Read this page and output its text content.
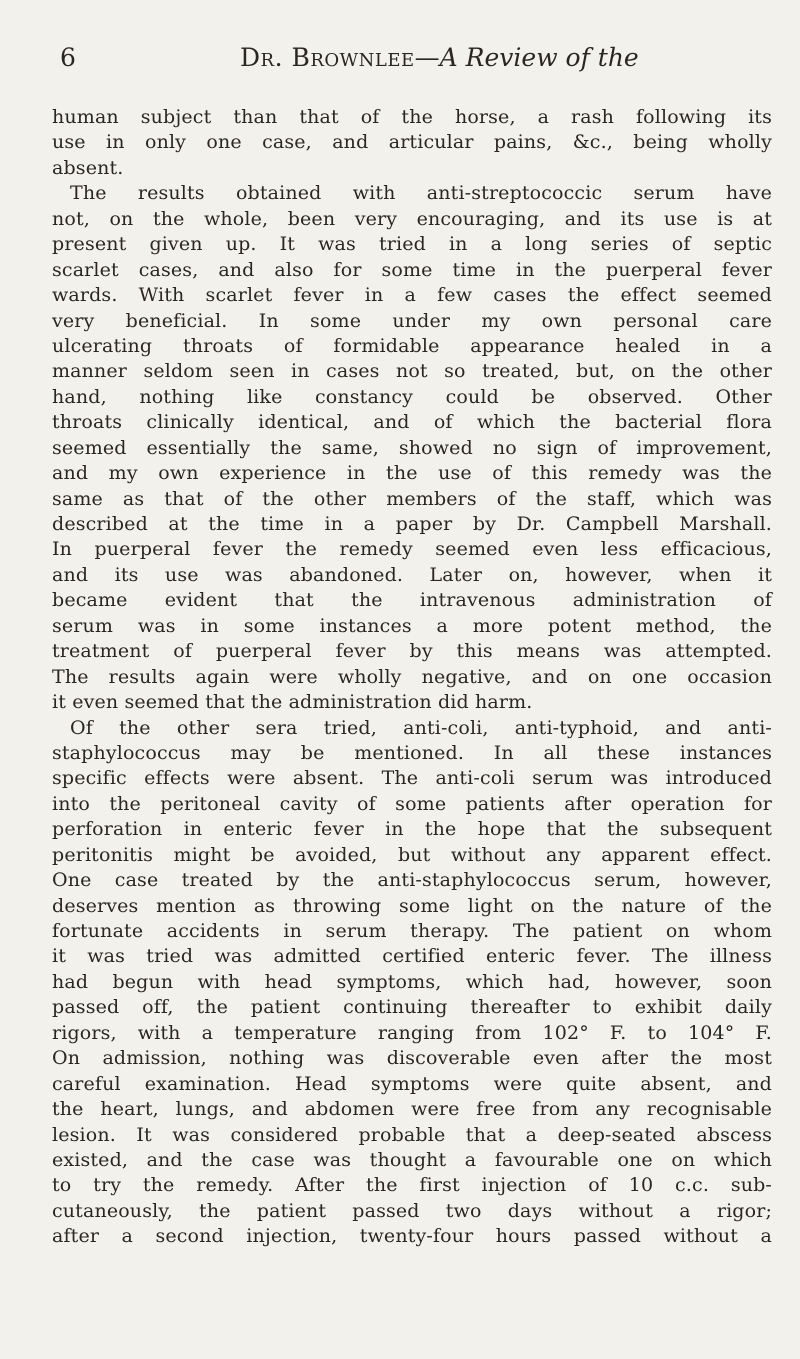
6	Dr. Brownlee—A Review of the
human subject than that of the horse, a rash following its
use in only one case, and articular pains, &c., being wholly
absent.
The results obtained with anti-streptococcic serum have
not, on the whole, been very encouraging, and its use is at
present given up. It was tried in a long series of septic
scarlet cases, and also for some time in the puerperal fever
wards. With scarlet fever in a few cases the effect seemed
very beneficial. In some under my own personal care
ulcerating throats of formidable appearance healed in a
manner seldom seen in cases not so treated, but, on the other
hand, nothing like constancy could be observed. Other
throats clinically identical, and of which the bacterial flora
seemed essentially the same, showed no sign of improvement,
and my own experience in the use of this remedy was the
same as that of the other members of the staff, which was
described at the time in a paper by Dr. Campbell Marshall.
In puerperal fever the remedy seemed even less efficacious,
and its use was abandoned. Later on, however, when it
became evident that the intravenous administration of
serum was in some instances a more potent method, the
treatment of puerperal fever by this means was attempted.
The results again were wholly negative, and on one occasion
it even seemed that the administration did harm.
Of the other sera tried, anti-coli, anti-typhoid, and anti-
staphylococcus may be mentioned. In all these instances
specific effects were absent. The anti-coli serum was introduced
into the peritoneal cavity of some patients after operation for
perforation in enteric fever in the hope that the subsequent
peritonitis might be avoided, but without any apparent effect.
One case treated by the anti-staphylococcus serum, however,
deserves mention as throwing some light on the nature of the
fortunate accidents in serum therapy. The patient on whom
it was tried was admitted certified enteric fever. The illness
had begun with head symptoms, which had, however, soon
passed off, the patient continuing thereafter to exhibit daily
rigors, with a temperature ranging from 102° F. to 104° F.
On admission, nothing was discoverable even after the most
careful examination. Head symptoms were quite absent, and
the heart, lungs, and abdomen were free from any recognisable
lesion. It was considered probable that a deep-seated abscess
existed, and the case was thought a favourable one on which
to try the remedy. After the first injection of 10 c.c. sub-
cutaneously, the patient passed two days without a rigor;
after a second injection, twenty-four hours passed without a
